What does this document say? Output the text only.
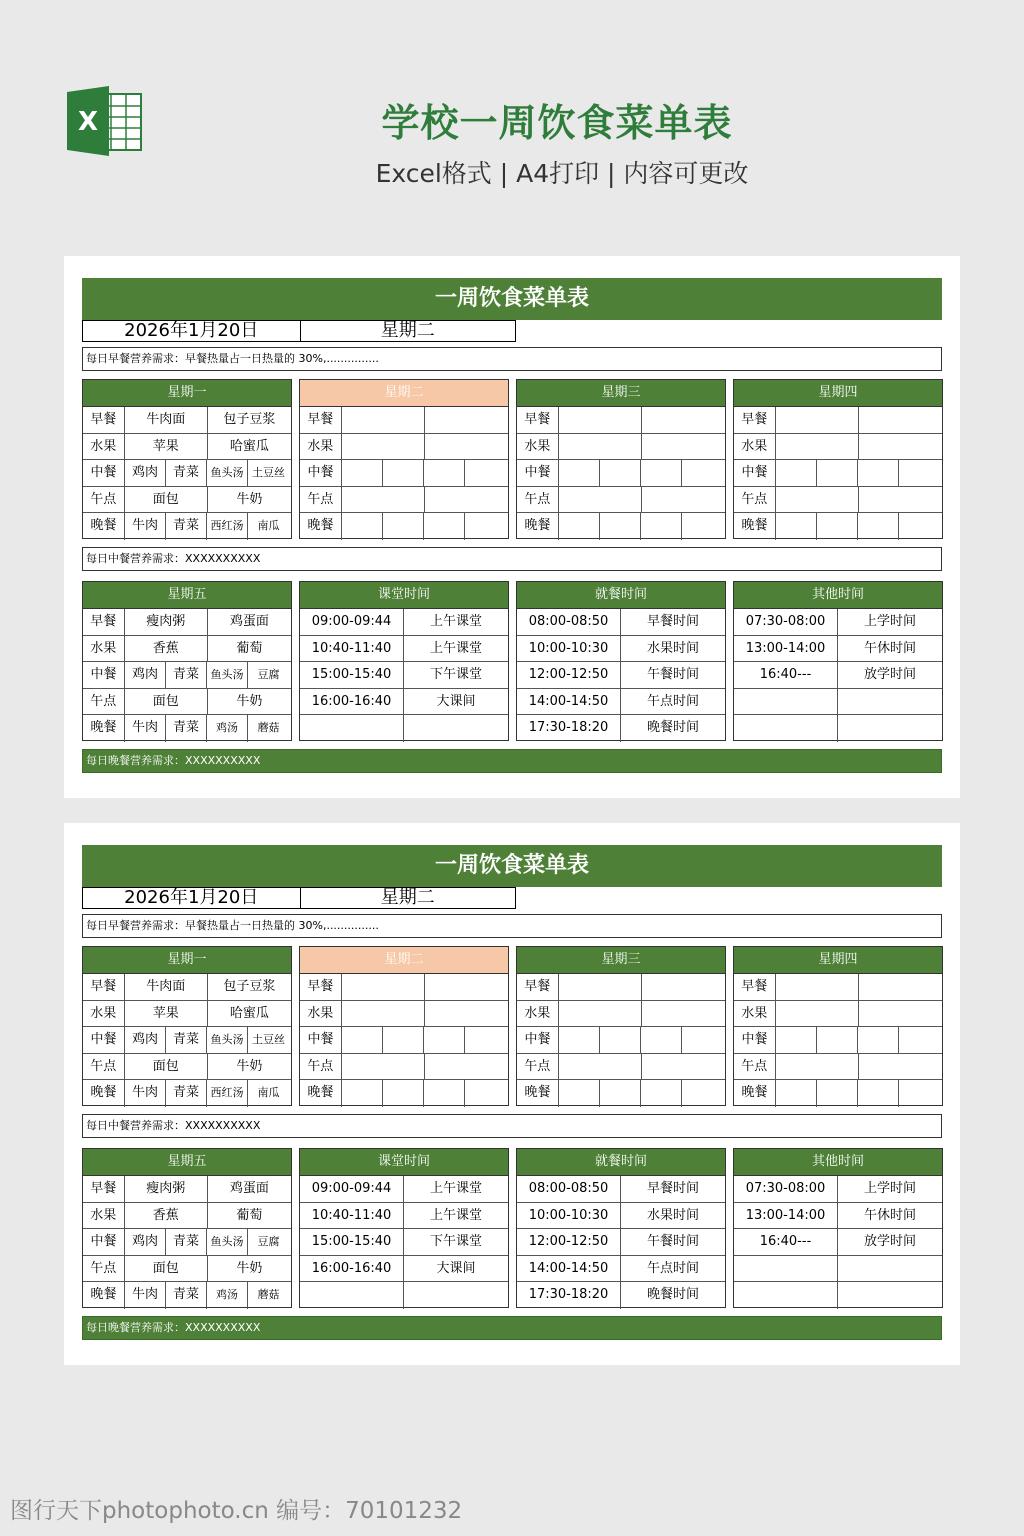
X	学校一周饮食菜单表
Excel格式 | A4打印 | 内容可更改
一周饮食菜单表
2026年1月20日	星期二
每日早餐营养需求：早餐热量占一日热量的 30%,...............
星期一
早餐	牛肉面	包子豆浆
水果	苹果	哈蜜瓜
中餐	鸡肉	青菜	鱼头汤 土豆丝
午点	面包	牛奶
晚餐	牛肉	青菜	西红汤	南瓜
星期二
早餐
水果
中餐
午点
晚餐
星期三
早餐
水果
中餐
午点
晚餐
星期四
早餐
水果
中餐
午点
晚餐
每日中餐营养需求：XXXXXXXXXX
星期五
早餐	瘦肉粥	鸡蛋面
水果	香蕉	葡萄
中餐	鸡肉	青菜	鱼头汤	豆腐
午点	面包	牛奶
晚餐	牛肉	青菜	鸡汤	蘑菇
课堂时间
09:00-09:44	上午课堂
10:40-11:40	上午课堂
15:00-15:40	下午课堂
16:00-16:40	大课间
就餐时间
08:00-08:50	早餐时间
10:00-10:30	水果时间
12:00-12:50	午餐时间
14:00-14:50	午点时间
17:30-18:20	晚餐时间
其他时间
07:30-08:00	上学时间
13:00-14:00	午休时间
16:40---	放学时间
每日晚餐营养需求：XXXXXXXXXX
一周饮食菜单表
2026年1月20日	星期二
每日早餐营养需求：早餐热量占一日热量的 30%,...............
星期一
早餐	牛肉面	包子豆浆
水果	苹果	哈蜜瓜
中餐	鸡肉	青菜	鱼头汤 土豆丝
午点	面包	牛奶
晚餐	牛肉	青菜	西红汤	南瓜
星期二
早餐
水果
中餐
午点
晚餐
星期三
早餐
水果
中餐
午点
晚餐
星期四
早餐
水果
中餐
午点
晚餐
每日中餐营养需求：XXXXXXXXXX
星期五
早餐	瘦肉粥	鸡蛋面
水果	香蕉	葡萄
中餐	鸡肉	青菜	鱼头汤	豆腐
午点	面包	牛奶
晚餐	牛肉	青菜	鸡汤	蘑菇
课堂时间
09:00-09:44	上午课堂
10:40-11:40	上午课堂
15:00-15:40	下午课堂
16:00-16:40	大课间
就餐时间
08:00-08:50	早餐时间
10:00-10:30	水果时间
12:00-12:50	午餐时间
14:00-14:50	午点时间
17:30-18:20	晚餐时间
其他时间
07:30-08:00	上学时间
13:00-14:00	午休时间
16:40---	放学时间
每日晚餐营养需求：XXXXXXXXXX
图行天下photophoto.cn 编号：70101232
